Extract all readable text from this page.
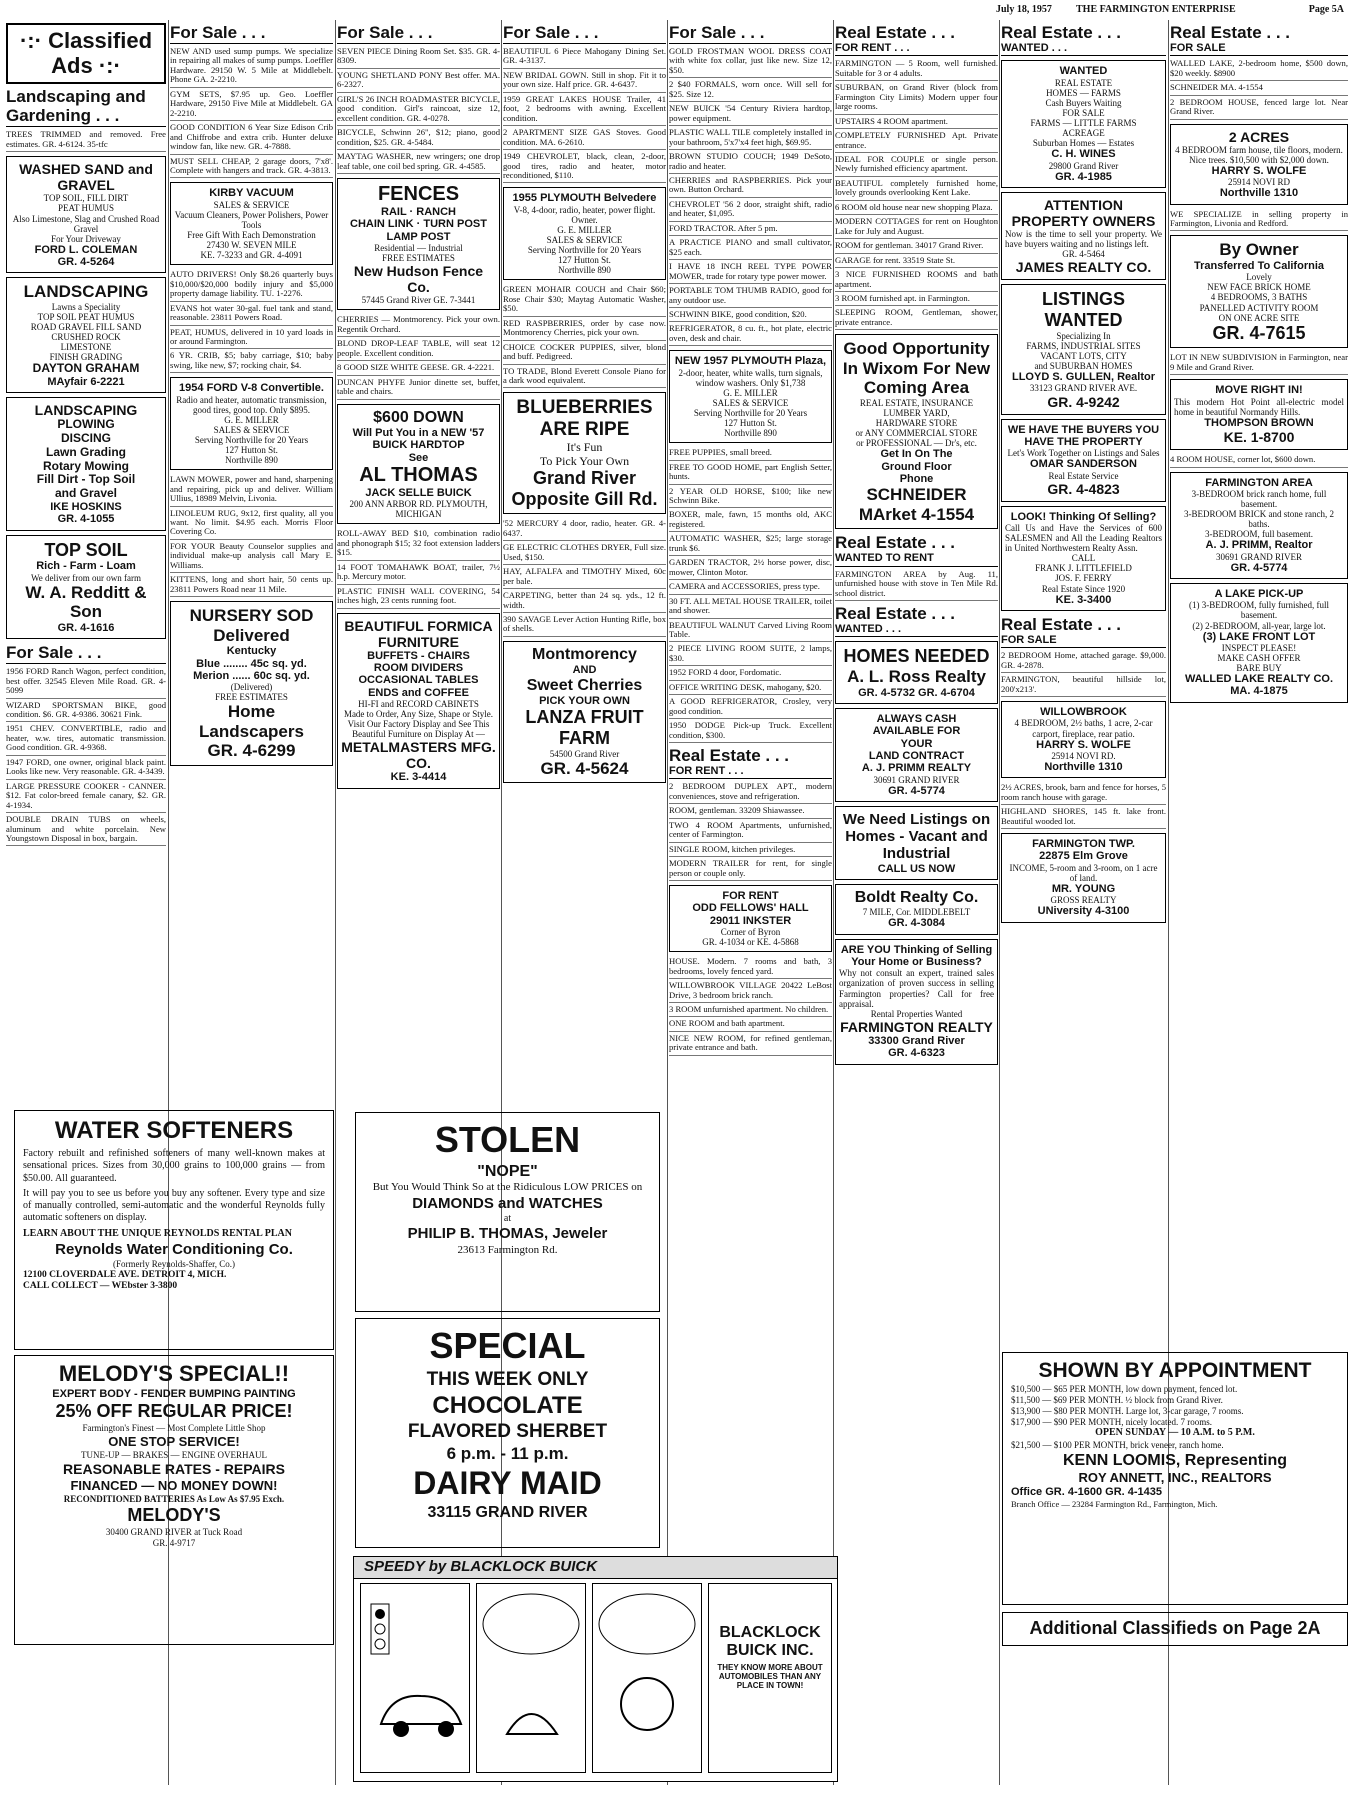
July 18, 1957 THE FARMINGTON ENTERPRISE	Page 5A
·:· Classified Ads ·:·
Landscaping and Gardening . . .
TREES TRIMMED and removed. Free estimates. GR. 4-6124. 35-tfc
WASHED SAND and GRAVEL
TOP SOIL, FILL DIRT
PEAT HUMUS
Also Limestone, Slag and Crushed Road Gravel
For Your Driveway
FORD L. COLEMAN
GR. 4-5264
LANDSCAPING
Lawns a Speciality
TOP SOIL PEAT HUMUS
ROAD GRAVEL FILL SAND
CRUSHED ROCK
LIMESTONE
FINISH GRADING
DAYTON GRAHAM
MAyfair 6-2221
LANDSCAPING
PLOWING
DISCING
Lawn Grading
Rotary Mowing
Fill Dirt - Top Soil
and Gravel
IKE HOSKINS
GR. 4-1055
TOP SOIL
Rich - Farm - Loam
We deliver from our own farm
W. A. Redditt & Son
GR. 4-1616
For Sale . . .
1956 FORD Ranch Wagon, perfect condition, best offer. 32545 Eleven Mile Road. GR. 4-5099
WIZARD SPORTSMAN BIKE, good condition. $6. GR. 4-9386. 30621 Fink.
1951 CHEV. CONVERTIBLE, radio and heater, w.w. tires, automatic transmission. Good condition. GR. 4-9368.
1947 FORD, one owner, original black paint. Looks like new. Very reasonable. GR. 4-3439.
LARGE PRESSURE COOKER - CANNER. $12. Fat color-breed female canary, $2. GR. 4-1934.
DOUBLE DRAIN TUBS on wheels, aluminum and white porcelain. New Youngstown Disposal in box, bargain.
For Sale . . .
NEW AND used sump pumps. We specialize in repairing all makes of sump pumps. Loeffler Hardware. 29150 W. 5 Mile at Middlebelt. Phone GA. 2-2210.
GYM SETS, $7.95 up. Geo. Loeffler Hardware, 29150 Five Mile at Middlebelt. GA 2-2210.
GOOD CONDITION 6 Year Size Edison Crib and Chiffrobe and extra crib. Hunter deluxe window fan, like new. GR. 4-7888.
MUST SELL CHEAP, 2 garage doors, 7'x8'. Complete with hangers and track. GR. 4-3813.
KIRBY VACUUM
SALES & SERVICE
Vacuum Cleaners, Power Polishers, Power Tools
Free Gift With Each Demonstration
27430 W. SEVEN MILE
KE. 7-3233 and GR. 4-4091
AUTO DRIVERS! Only $8.26 quarterly buys $10,000/$20,000 bodily injury and $5,000 property damage liability. TU. 1-2276.
EVANS hot water 30-gal. fuel tank and stand, reasonable. 23811 Powers Road.
PEAT, HUMUS, delivered in 10 yard loads in or around Farmington.
6 YR. CRIB, $5; baby carriage, $10; baby swing, like new, $7; rocking chair, $4.
1954 FORD V-8 Convertible.
Radio and heater, automatic transmission, good tires, good top. Only $895.
G. E. MILLER
SALES & SERVICE
Serving Northville for 20 Years
127 Hutton St.
Northville 890
LAWN MOWER, power and hand, sharpening and repairing, pick up and deliver. William Ullius, 18989 Melvin, Livonia.
LINOLEUM RUG, 9x12, first quality, all you want. No limit. $4.95 each. Morris Floor Covering Co.
FOR YOUR Beauty Counselor supplies and individual make-up analysis call Mary E. Williams.
KITTENS, long and short hair, 50 cents up. 23811 Powers Road near 11 Mile.
NURSERY SOD Delivered
Kentucky
Blue ........ 45c sq. yd.
Merion ...... 60c sq. yd.
(Delivered)
FREE ESTIMATES
Home Landscapers
GR. 4-6299
For Sale . . .
SEVEN PIECE Dining Room Set. $35. GR. 4-8309.
YOUNG SHETLAND PONY Best offer. MA. 6-2327.
GIRL'S 26 INCH ROADMASTER BICYCLE, good condition. Girl's raincoat, size 12, excellent condition. GR. 4-0278.
BICYCLE, Schwinn 26", $12; piano, good condition, $25. GR. 4-5484.
MAYTAG WASHER, new wringers; one drop leaf table, one coil bed spring. GR. 4-4585.
FENCES
RAIL · RANCH
CHAIN LINK · TURN POST
LAMP POST
Residential — Industrial
FREE ESTIMATES
New Hudson Fence Co.
57445 Grand River GE. 7-3441
CHERRIES — Montmorency. Pick your own. Regentik Orchard.
BLOND DROP-LEAF TABLE, will seat 12 people. Excellent condition.
8 GOOD SIZE WHITE GEESE. GR. 4-2221.
DUNCAN PHYFE Junior dinette set, buffet, table and chairs.
$600 DOWN
Will Put You in a NEW '57 BUICK HARDTOP
See
AL THOMAS
JACK SELLE BUICK
200 ANN ARBOR RD. PLYMOUTH, MICHIGAN
ROLL-AWAY BED $10, combination radio and phonograph $15; 32 foot extension ladders $15.
14 FOOT TOMAHAWK BOAT, trailer, 7½ h.p. Mercury motor.
PLASTIC FINISH WALL COVERING, 54 inches high, 23 cents running foot.
BEAUTIFUL FORMICA FURNITURE
BUFFETS - CHAIRS
ROOM DIVIDERS
OCCASIONAL TABLES
ENDS and COFFEE
HI-FI and RECORD CABINETS
Made to Order, Any Size, Shape or Style.
Visit Our Factory Display and See This Beautiful Furniture on Display At —
METALMASTERS MFG. CO.
KE. 3-4414
For Sale . . .
BEAUTIFUL 6 Piece Mahogany Dining Set. GR. 4-3137.
NEW BRIDAL GOWN. Still in shop. Fit it to your own size. Half price. GR. 4-6437.
1959 GREAT LAKES HOUSE Trailer, 41 foot, 2 bedrooms with awning. Excellent condition.
2 APARTMENT SIZE GAS Stoves. Good condition. MA. 6-2610.
1949 CHEVROLET, black, clean, 2-door, good tires, radio and heater, motor reconditioned, $110.
1955 PLYMOUTH Belvedere
V-8, 4-door, radio, heater, power flight. Owner.
G. E. MILLER
SALES & SERVICE
Serving Northville for 20 Years
127 Hutton St.
Northville 890
GREEN MOHAIR COUCH and Chair $60; Rose Chair $30; Maytag Automatic Washer, $50.
RED RASPBERRIES, order by case now. Montmorency Cherries, pick your own.
CHOICE COCKER PUPPIES, silver, blond and buff. Pedigreed.
TO TRADE, Blond Everett Console Piano for a dark wood equivalent.
BLUEBERRIES ARE RIPE
It's Fun
To Pick Your Own
Grand River
Opposite Gill Rd.
'52 MERCURY 4 door, radio, heater. GR. 4-6437.
GE ELECTRIC CLOTHES DRYER, Full size. Used, $150.
HAY, ALFALFA and TIMOTHY Mixed, 60c per bale.
CARPETING, better than 24 sq. yds., 12 ft. width.
390 SAVAGE Lever Action Hunting Rifle, box of shells.
Montmorency
AND
Sweet Cherries
PICK YOUR OWN
LANZA FRUIT FARM
54500 Grand River
GR. 4-5624
For Sale . . .
GOLD FROSTMAN WOOL DRESS COAT with white fox collar, just like new. Size 12, $50.
2 $40 FORMALS, worn once. Will sell for $25. Size 12.
NEW BUICK '54 Century Riviera hardtop, power equipment.
PLASTIC WALL TILE completely installed in your bathroom, 5'x7'x4 feet high, $69.95.
BROWN STUDIO COUCH; 1949 DeSoto, radio and heater.
CHERRIES and RASPBERRIES. Pick your own. Button Orchard.
CHEVROLET '56 2 door, straight shift, radio and heater, $1,095.
FORD TRACTOR. After 5 pm.
A PRACTICE PIANO and small cultivator, $25 each.
I HAVE 18 INCH REEL TYPE POWER MOWER, trade for rotary type power mower.
PORTABLE TOM THUMB RADIO, good for any outdoor use.
SCHWINN BIKE, good condition, $20.
REFRIGERATOR, 8 cu. ft., hot plate, electric oven, desk and chair.
NEW 1957 PLYMOUTH Plaza,
2-door, heater, white walls, turn signals, window washers. Only $1,738
G. E. MILLER
SALES & SERVICE
Serving Northville for 20 Years
127 Hutton St.
Northville 890
FREE PUPPIES, small breed.
FREE TO GOOD HOME, part English Setter, hunts.
2 YEAR OLD HORSE, $100; like new Schwinn Bike.
BOXER, male, fawn, 15 months old, AKC registered.
AUTOMATIC WASHER, $25; large storage trunk $6.
GARDEN TRACTOR, 2½ horse power, disc, mower, Clinton Motor.
CAMERA and ACCESSORIES, press type.
30 FT. ALL METAL HOUSE TRAILER, toilet and shower.
BEAUTIFUL WALNUT Carved Living Room Table.
2 PIECE LIVING ROOM SUITE, 2 lamps, $30.
1952 FORD 4 door, Fordomatic.
OFFICE WRITING DESK, mahogany, $20.
A GOOD REFRIGERATOR, Crosley, very good condition.
1950 DODGE Pick-up Truck. Excellent condition, $300.
Real Estate . . .
FOR RENT . . .
2 BEDROOM DUPLEX APT., modern conveniences, stove and refrigeration.
ROOM, gentleman. 33209 Shiawassee.
TWO 4 ROOM Apartments, unfurnished, center of Farmington.
SINGLE ROOM, kitchen privileges.
MODERN TRAILER for rent, for single person or couple only.
FOR RENT
ODD FELLOWS' HALL
29011 INKSTER
Corner of Byron
GR. 4-1034 or KE. 4-5868
HOUSE. Modern. 7 rooms and bath, 3 bedrooms, lovely fenced yard.
WILLOWBROOK VILLAGE 20422 LeBost Drive, 3 bedroom brick ranch.
3 ROOM unfurnished apartment. No children.
ONE ROOM and bath apartment.
NICE NEW ROOM, for refined gentleman, private entrance and bath.
Real Estate . . .
FOR RENT . . .
FARMINGTON — 5 Room, well furnished. Suitable for 3 or 4 adults.
SUBURBAN, on Grand River (block from Farmington City Limits) Modern upper four large rooms.
UPSTAIRS 4 ROOM apartment.
COMPLETELY FURNISHED Apt. Private entrance.
IDEAL FOR COUPLE or single person. Newly furnished efficiency apartment.
BEAUTIFUL completely furnished home, lovely grounds overlooking Kent Lake.
6 ROOM old house near new shopping Plaza.
MODERN COTTAGES for rent on Houghton Lake for July and August.
ROOM for gentleman. 34017 Grand River.
GARAGE for rent. 33519 State St.
3 NICE FURNISHED ROOMS and bath apartment.
3 ROOM furnished apt. in Farmington.
SLEEPING ROOM, Gentleman, shower, private entrance.
Good Opportunity In Wixom For New Coming Area
REAL ESTATE, INSURANCE
LUMBER YARD,
HARDWARE STORE
or ANY COMMERCIAL STORE
or PROFESSIONAL — Dr's, etc.
Get In On The
Ground Floor
Phone
SCHNEIDER
MArket 4-1554
Real Estate . . .
WANTED TO RENT
FARMINGTON AREA by Aug. 11, unfurnished house with stove in Ten Mile Rd. school district.
Real Estate . . .
WANTED . . .
HOMES NEEDED
A. L. Ross Realty
GR. 4-5732 GR. 4-6704
ALWAYS CASH
AVAILABLE FOR
YOUR
LAND CONTRACT
A. J. PRIMM REALTY
30691 GRAND RIVER
GR. 4-5774
We Need Listings on Homes - Vacant and Industrial
CALL US NOW
Boldt Realty Co.
7 MILE, Cor. MIDDLEBELT
GR. 4-3084
ARE YOU Thinking of Selling Your Home or Business?
Why not consult an expert, trained sales organization of proven success in selling Farmington properties? Call for free appraisal.
Rental Properties Wanted
FARMINGTON REALTY
33300 Grand River
GR. 4-6323
Real Estate . . .
WANTED . . .
WANTED
REAL ESTATE
HOMES — FARMS
Cash Buyers Waiting
FOR SALE
FARMS — LITTLE FARMS
ACREAGE
Suburban Homes — Estates
C. H. WINES
29800 Grand River
GR. 4-1985
ATTENTION PROPERTY OWNERS
Now is the time to sell your property. We have buyers waiting and no listings left.
GR. 4-5464
JAMES REALTY CO.
LISTINGS WANTED
Specializing In
FARMS, INDUSTRIAL SITES
VACANT LOTS, CITY
and SUBURBAN HOMES
LLOYD S. GULLEN, Realtor
33123 GRAND RIVER AVE.
GR. 4-9242
WE HAVE THE BUYERS YOU HAVE THE PROPERTY
Let's Work Together on Listings and Sales
OMAR SANDERSON
Real Estate Service
GR. 4-4823
LOOK! Thinking Of Selling?
Call Us and Have the Services of 600 SALESMEN and All the Leading Realtors in United Northwestern Realty Assn.
CALL
FRANK J. LITTLEFIELD
JOS. F. FERRY
Real Estate Since 1920
KE. 3-3400
Real Estate . . .
FOR SALE
2 BEDROOM Home, attached garage. $9,000. GR. 4-2878.
FARMINGTON, beautiful hillside lot, 200'x213'.
WILLOWBROOK
4 BEDROOM, 2½ baths, 1 acre, 2-car carport, fireplace, rear patio.
HARRY S. WOLFE
25914 NOVI RD.
Northville 1310
2½ ACRES, brook, barn and fence for horses, 5 room ranch house with garage.
HIGHLAND SHORES, 145 ft. lake front. Beautiful wooded lot.
FARMINGTON TWP.
22875 Elm Grove
INCOME, 5-room and 3-room, on 1 acre of land.
MR. YOUNG
GROSS REALTY
UNiversity 4-3100
Real Estate . . .
FOR SALE
WALLED LAKE, 2-bedroom home, $500 down, $20 weekly. $8900
SCHNEIDER MA. 4-1554
2 BEDROOM HOUSE, fenced large lot. Near Grand River.
2 ACRES
4 BEDROOM farm house, tile floors, modern. Nice trees. $10,500 with $2,000 down.
HARRY S. WOLFE
25914 NOVI RD
Northville 1310
WE SPECIALIZE in selling property in Farmington, Livonia and Redford.
By Owner
Transferred To California
Lovely
NEW FACE BRICK HOME
4 BEDROOMS, 3 BATHS
PANELLED ACTIVITY ROOM
ON ONE ACRE SITE
GR. 4-7615
LOT IN NEW SUBDIVISION in Farmington, near 9 Mile and Grand River.
MOVE RIGHT IN!
This modern Hot Point all-electric model home in beautiful Normandy Hills.
THOMPSON BROWN
KE. 1-8700
4 ROOM HOUSE, corner lot, $600 down.
FARMINGTON AREA
3-BEDROOM brick ranch home, full basement.
3-BEDROOM BRICK and stone ranch, 2 baths.
3-BEDROOM, full basement.
A. J. PRIMM, Realtor
30691 GRAND RIVER
GR. 4-5774
A LAKE PICK-UP
(1) 3-BEDROOM, fully furnished, full basement.
(2) 2-BEDROOM, all-year, large lot.
(3) LAKE FRONT LOT
INSPECT PLEASE!
MAKE CASH OFFER
BARE BUY
WALLED LAKE REALTY CO.
MA. 4-1875
WATER SOFTENERS
Factory rebuilt and refinished softeners of many well-known makes at sensational prices. Sizes from 30,000 grains to 100,000 grains — from $50.00. All guaranteed.
It will pay you to see us before you buy any softener. Every type and size of manually controlled, semi-automatic and the wonderful Reynolds fully automatic softeners on display.
LEARN ABOUT THE UNIQUE REYNOLDS RENTAL PLAN
Reynolds Water Conditioning Co.
(Formerly Reynolds-Shaffer, Co.)
12100 CLOVERDALE AVE. DETROIT 4, MICH.
CALL COLLECT — WEbster 3-3800
MELODY'S SPECIAL!!
EXPERT BODY - FENDER BUMPING PAINTING
25% OFF REGULAR PRICE!
Farmington's Finest — Most Complete Little Shop
ONE STOP SERVICE!
TUNE-UP — BRAKES — ENGINE OVERHAUL
REASONABLE RATES - REPAIRS
FINANCED — NO MONEY DOWN!
RECONDITIONED BATTERIES As Low As $7.95 Exch.
MELODY'S
30400 GRAND RIVER at Tuck Road
GR. 4-9717
STOLEN
"NOPE"
But You Would Think So at the Ridiculous LOW PRICES on
DIAMONDS and WATCHES
at
PHILIP B. THOMAS, Jeweler
23613 Farmington Rd.
SPECIAL
THIS WEEK ONLY
CHOCOLATE
FLAVORED SHERBET
6 p.m. - 11 p.m.
DAIRY MAID
33115 GRAND RIVER
SPEEDY by BLACKLOCK BUICK
BLACKLOCK BUICK INC.
THEY KNOW MORE ABOUT AUTOMOBILES THAN ANY PLACE IN TOWN!
SHOWN BY APPOINTMENT
$10,500 — $65 PER MONTH, low down payment, fenced lot.
$11,500 — $69 PER MONTH. ½ block from Grand River.
$13,900 — $80 PER MONTH. Large lot, 3-car garage, 7 rooms.
$17,900 — $90 PER MONTH, nicely located. 7 rooms.
OPEN SUNDAY — 10 A.M. to 5 P.M.
$21,500 — $100 PER MONTH, brick veneer, ranch home.
KENN LOOMIS, Representing
ROY ANNETT, INC., REALTORS
Office GR. 4-1600 GR. 4-1435
Branch Office — 23284 Farmington Rd., Farmington, Mich.
Additional Classifieds on Page 2A
